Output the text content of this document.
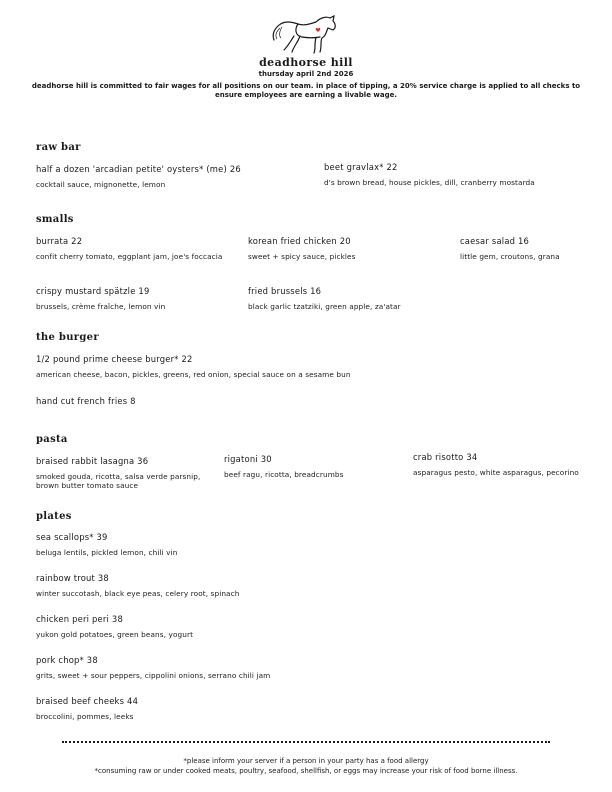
deadhorse hill
thursday april 2nd 2026
deadhorse hill is committed to fair wages for all positions on our team. in place of tipping, a 20% service charge is applied to all checks to ensure employees are earning a livable wage.
raw bar
half a dozen 'arcadian petite' oysters* (me) 26
cocktail sauce, mignonette, lemon
beet gravlax* 22
d's brown bread, house pickles, dill, cranberry mostarda
smalls
burrata 22
confit cherry tomato, eggplant jam, joe's foccacia
korean fried chicken 20
sweet + spicy sauce, pickles
caesar salad 16
little gem, croutons, grana
crispy mustard spätzle 19
brussels, crème fraîche, lemon vin
fried brussels 16
black garlic tzatziki, green apple, za'atar
the burger
1/2 pound prime cheese burger* 22
american cheese, bacon, pickles, greens, red onion, special sauce on a sesame bun
hand cut french fries 8
pasta
braised rabbit lasagna 36
smoked gouda, ricotta, salsa verde parsnip, brown butter tomato sauce
rigatoni 30
beef ragu, ricotta, breadcrumbs
crab risotto 34
asparagus pesto, white asparagus, pecorino
plates
sea scallops* 39
beluga lentils, pickled lemon, chili vin
rainbow trout 38
winter succotash, black eye peas, celery root, spinach
chicken peri peri 38
yukon gold potatoes, green beans, yogurt
pork chop* 38
grits, sweet + sour peppers, cippolini onions, serrano chili jam
braised beef cheeks 44
broccolini, pommes, leeks
*please inform your server if a person in your party has a food allergy
*consuming raw or under cooked meats, poultry, seafood, shellfish, or eggs may increase your risk of food borne illness.
